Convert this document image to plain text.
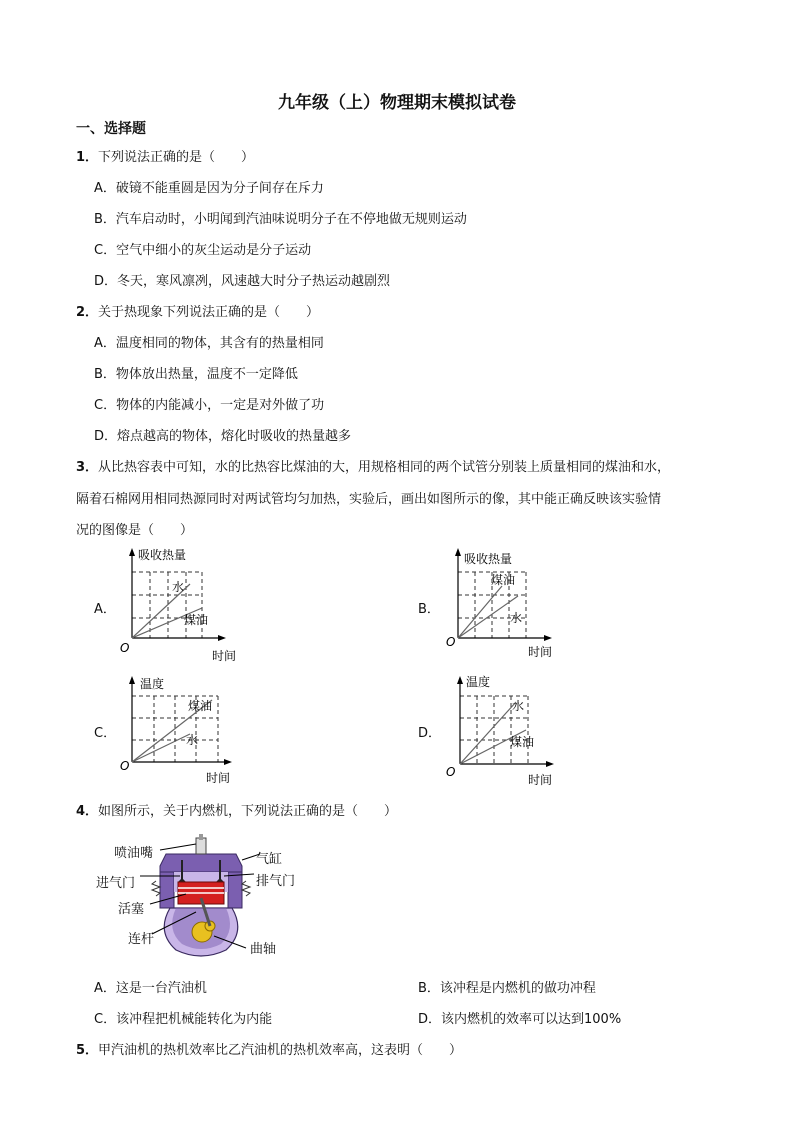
九年级（上）物理期末模拟试卷
一、选择题
1．下列说法正确的是（　　）
A．破镜不能重圆是因为分子间存在斥力
B．汽车启动时，小明闻到汽油味说明分子在不停地做无规则运动
C．空气中细小的灰尘运动是分子运动
D．冬天，寒风凛冽，风速越大时分子热运动越剧烈
2．关于热现象下列说法正确的是（　　）
A．温度相同的物体，其含有的热量相同
B．物体放出热量，温度不一定降低
C．物体的内能减小，一定是对外做了功
D．熔点越高的物体，熔化时吸收的热量越多
3．从比热容表中可知，水的比热容比煤油的大，用规格相同的两个试管分别装上质量相同的煤油和水，
隔着石棉网用相同热源同时对两试管均匀加热，实验后，画出如图所示的像，其中能正确反映该实验情
况的图像是（　　）
A．
吸收热量
水
煤油
O
时间
B．
吸收热量
煤油
水
O
时间
C．
温度
煤油
水
O
时间
D．
温度
水
煤油
O
时间
4．如图所示，关于内燃机，下列说法正确的是（　　）
喷油嘴	气缸
进气门	排气门
活塞
连杆
曲轴
A．这是一台汽油机	B．该冲程是内燃机的做功冲程
C．该冲程把机械能转化为内能	D．该内燃机的效率可以达到100%
5．甲汽油机的热机效率比乙汽油机的热机效率高，这表明（　　）
